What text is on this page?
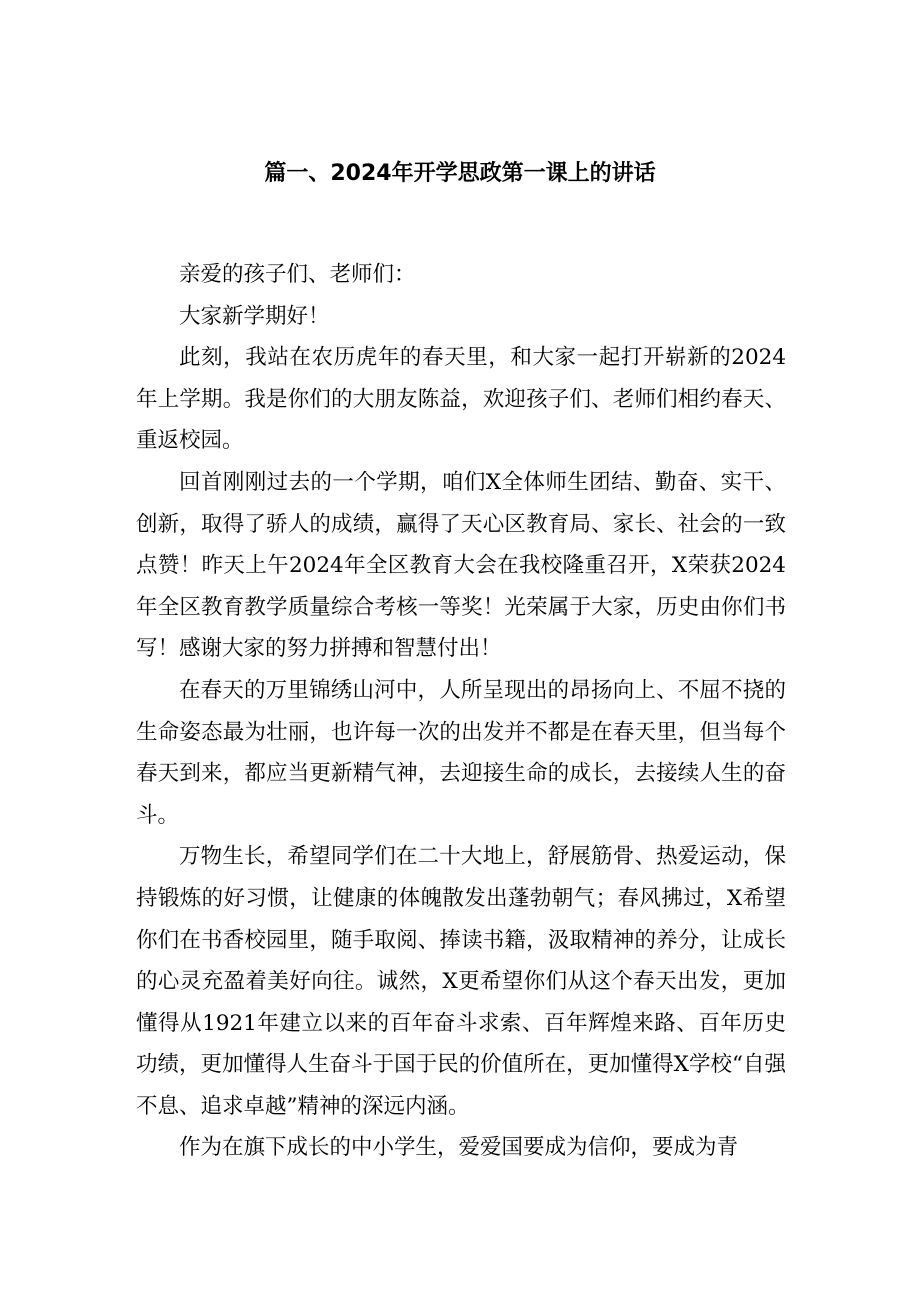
篇一、2024年开学思政第一课上的讲话

亲爱的孩子们、老师们：

大家新学期好！

此刻，我站在农历虎年的春天里，和大家一起打开崭新的2024年上学期。我是你们的大朋友陈益，欢迎孩子们、老师们相约春天、重返校园。

回首刚刚过去的一个学期，咱们X全体师生团结、勤奋、实干、创新，取得了骄人的成绩，赢得了天心区教育局、家长、社会的一致点赞！昨天上午2024年全区教育大会在我校隆重召开，X荣获2024年全区教育教学质量综合考核一等奖！光荣属于大家，历史由你们书写！感谢大家的努力拼搏和智慧付出！

在春天的万里锦绣山河中，人所呈现出的昂扬向上、不屈不挠的生命姿态最为壮丽，也许每一次的出发并不都是在春天里，但当每个春天到来，都应当更新精气神，去迎接生命的成长，去接续人生的奋斗。

万物生长，希望同学们在二十大地上，舒展筋骨、热爱运动，保持锻炼的好习惯，让健康的体魄散发出蓬勃朝气；春风拂过，X希望你们在书香校园里，随手取阅、捧读书籍，汲取精神的养分，让成长的心灵充盈着美好向往。诚然，X更希望你们从这个春天出发，更加懂得从1921年建立以来的百年奋斗求索、百年辉煌来路、百年历史功绩，更加懂得人生奋斗于国于民的价值所在，更加懂得X学校“自强不息、追求卓越”精神的深远内涵。

作为在旗下成长的中小学生，爱爱国要成为信仰，要成为青
